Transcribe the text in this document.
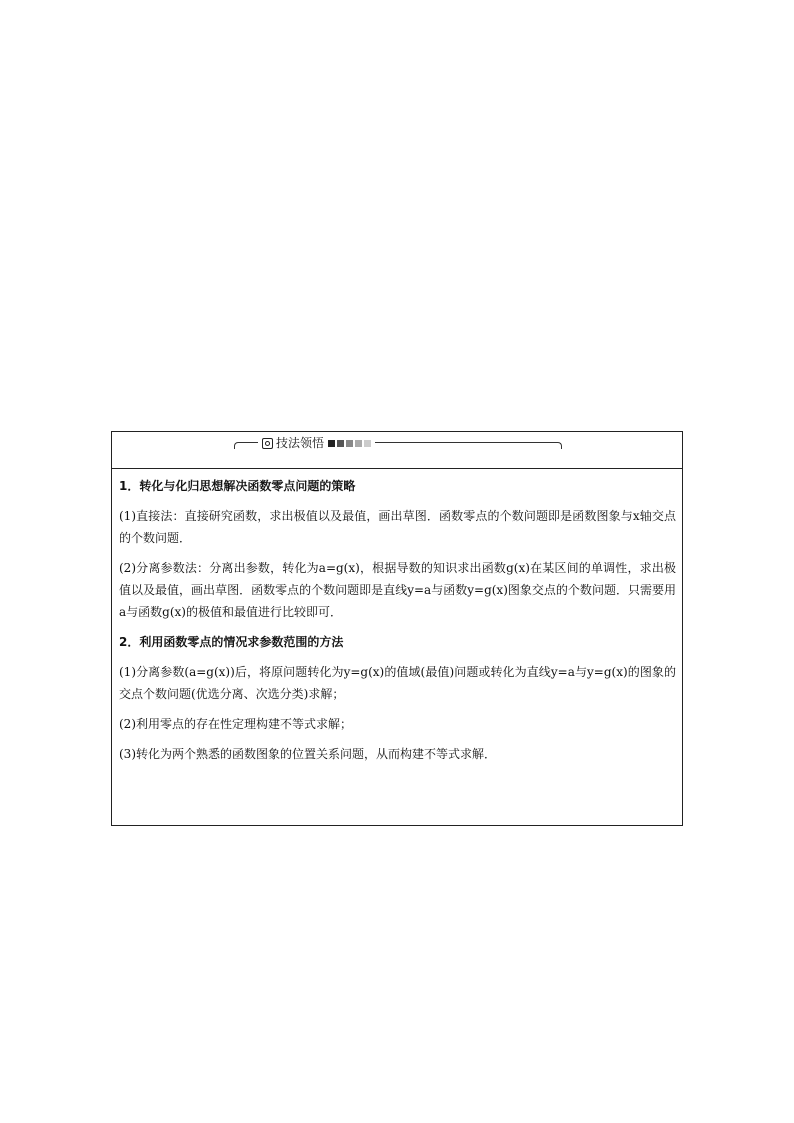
技法领悟

1．转化与化归思想解决函数零点问题的策略

(1)直接法：直接研究函数，求出极值以及最值，画出草图．函数零点的个数问题即是函数图象与x轴交点的个数问题．

(2)分离参数法：分离出参数，转化为a=g(x)，根据导数的知识求出函数g(x)在某区间的单调性，求出极值以及最值，画出草图．函数零点的个数问题即是直线y=a与函数y=g(x)图象交点的个数问题．只需要用a与函数g(x)的极值和最值进行比较即可．

2．利用函数零点的情况求参数范围的方法

(1)分离参数(a=g(x))后，将原问题转化为y=g(x)的值域(最值)问题或转化为直线y=a与y=g(x)的图象的交点个数问题(优选分离、次选分类)求解；

(2)利用零点的存在性定理构建不等式求解；

(3)转化为两个熟悉的函数图象的位置关系问题，从而构建不等式求解．
